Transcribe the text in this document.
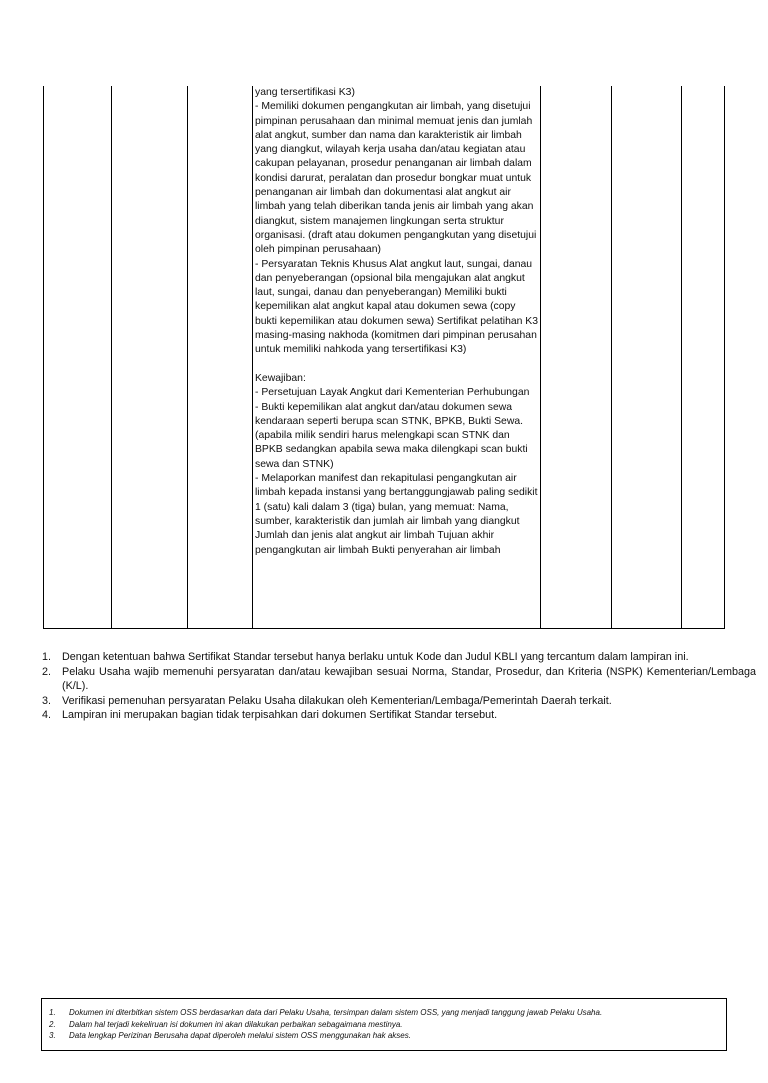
yang tersertifikasi K3)
- Memiliki dokumen pengangkutan air limbah, yang disetujui pimpinan perusahaan dan minimal memuat jenis dan jumlah alat angkut, sumber dan nama dan karakteristik air limbah yang diangkut, wilayah kerja usaha dan/atau kegiatan atau cakupan pelayanan, prosedur penanganan air limbah dalam kondisi darurat, peralatan dan prosedur bongkar muat untuk penanganan air limbah dan dokumentasi alat angkut air limbah yang telah diberikan tanda jenis air limbah yang akan diangkut, sistem manajemen lingkungan serta struktur organisasi. (draft atau dokumen pengangkutan yang disetujui oleh pimpinan perusahaan)
- Persyaratan Teknis Khusus Alat angkut laut, sungai, danau dan penyeberangan (opsional bila mengajukan alat angkut laut, sungai, danau dan penyeberangan) Memiliki bukti kepemilikan alat angkut kapal atau dokumen sewa (copy bukti kepemilikan atau dokumen sewa) Sertifikat pelatihan K3 masing-masing nakhoda (komitmen dari pimpinan perusahan untuk memiliki nahkoda yang tersertifikasi K3)

Kewajiban:
- Persetujuan Layak Angkut dari Kementerian Perhubungan
- Bukti kepemilikan alat angkut dan/atau dokumen sewa kendaraan seperti berupa scan STNK, BPKB, Bukti Sewa. (apabila milik sendiri harus melengkapi scan STNK dan BPKB sedangkan apabila sewa maka dilengkapi scan bukti sewa dan STNK)
- Melaporkan manifest dan rekapitulasi pengangkutan air limbah kepada instansi yang bertanggungjawab paling sedikit 1 (satu) kali dalam 3 (tiga) bulan, yang memuat: Nama, sumber, karakteristik dan jumlah air limbah yang diangkut Jumlah dan jenis alat angkut air limbah Tujuan akhir pengangkutan air limbah Bukti penyerahan air limbah
1. Dengan ketentuan bahwa Sertifikat Standar tersebut hanya berlaku untuk Kode dan Judul KBLI yang tercantum dalam lampiran ini.
2. Pelaku Usaha wajib memenuhi persyaratan dan/atau kewajiban sesuai Norma, Standar, Prosedur, dan Kriteria (NSPK) Kementerian/Lembaga (K/L).
3. Verifikasi pemenuhan persyaratan Pelaku Usaha dilakukan oleh Kementerian/Lembaga/Pemerintah Daerah terkait.
4. Lampiran ini merupakan bagian tidak terpisahkan dari dokumen Sertifikat Standar tersebut.
1. Dokumen ini diterbitkan sistem OSS berdasarkan data dari Pelaku Usaha, tersimpan dalam sistem OSS, yang menjadi tanggung jawab Pelaku Usaha.
2. Dalam hal terjadi kekeliruan isi dokumen ini akan dilakukan perbaikan sebagaimana mestinya.
3. Data lengkap Perizinan Berusaha dapat diperoleh melalui sistem OSS menggunakan hak akses.
